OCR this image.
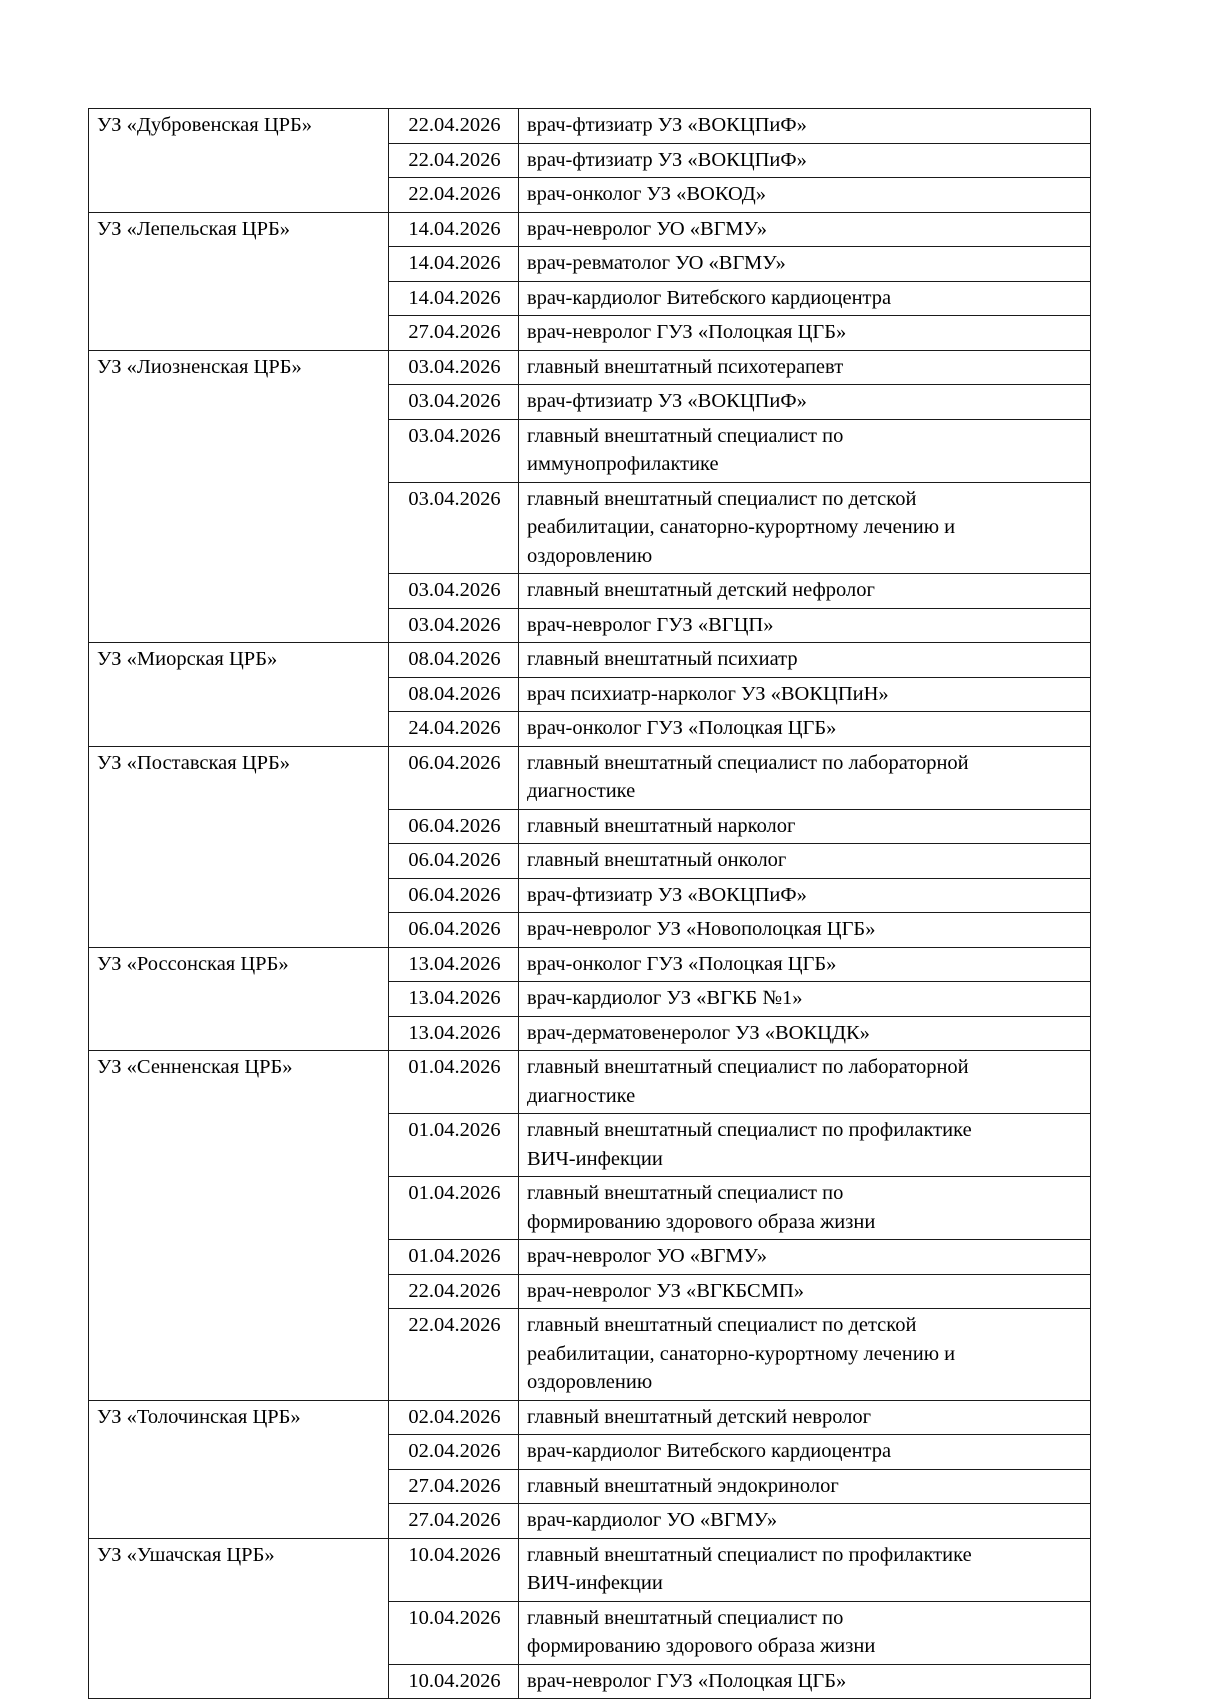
УЗ «Дубровенская ЦРБ»	22.04.2026	врач-фтизиатр УЗ «ВОКЦПиФ»

	22.04.2026	врач-фтизиатр УЗ «ВОКЦПиФ»

	22.04.2026	врач-онколог УЗ «ВОКОД»

УЗ «Лепельская ЦРБ»	14.04.2026	врач-невролог УО «ВГМУ»

	14.04.2026	врач-ревматолог УО «ВГМУ»

	14.04.2026	врач-кардиолог Витебского кардиоцентра

	27.04.2026	врач-невролог ГУЗ «Полоцкая ЦГБ»

УЗ «Лиозненская ЦРБ»	03.04.2026	главный внештатный психотерапевт

	03.04.2026	врач-фтизиатр УЗ «ВОКЦПиФ»

	03.04.2026	главный внештатный специалист по
иммунопрофилактике

	03.04.2026	главный внештатный специалист по детской
реабилитации, санаторно-курортному лечению и
оздоровлению

	03.04.2026	главный внештатный детский нефролог

	03.04.2026	врач-невролог ГУЗ «ВГЦП»

УЗ «Миорская ЦРБ»	08.04.2026	главный внештатный психиатр

	08.04.2026	врач психиатр-нарколог УЗ «ВОКЦПиН»

	24.04.2026	врач-онколог ГУЗ «Полоцкая ЦГБ»

УЗ «Поставская ЦРБ»	06.04.2026	главный внештатный специалист по лабораторной
диагностике

	06.04.2026	главный внештатный нарколог

	06.04.2026	главный внештатный онколог

	06.04.2026	врач-фтизиатр УЗ «ВОКЦПиФ»

	06.04.2026	врач-невролог УЗ «Новополоцкая ЦГБ»

УЗ «Россонская ЦРБ»	13.04.2026	врач-онколог ГУЗ «Полоцкая ЦГБ»

	13.04.2026	врач-кардиолог УЗ «ВГКБ №1»

	13.04.2026	врач-дерматовенеролог УЗ «ВОКЦДК»

УЗ «Сенненская ЦРБ»	01.04.2026	главный внештатный специалист по лабораторной
диагностике

	01.04.2026	главный внештатный специалист по профилактике
ВИЧ-инфекции

	01.04.2026	главный внештатный специалист по
формированию здорового образа жизни

	01.04.2026	врач-невролог УО «ВГМУ»

	22.04.2026	врач-невролог УЗ «ВГКБСМП»

	22.04.2026	главный внештатный специалист по детской
реабилитации, санаторно-курортному лечению и
оздоровлению

УЗ «Толочинская ЦРБ»	02.04.2026	главный внештатный детский невролог

	02.04.2026	врач-кардиолог Витебского кардиоцентра

	27.04.2026	главный внештатный эндокринолог

	27.04.2026	врач-кардиолог УО «ВГМУ»

УЗ «Ушачская ЦРБ»	10.04.2026	главный внештатный специалист по профилактике
ВИЧ-инфекции

	10.04.2026	главный внештатный специалист по
формированию здорового образа жизни

	10.04.2026	врач-невролог ГУЗ «Полоцкая ЦГБ»
